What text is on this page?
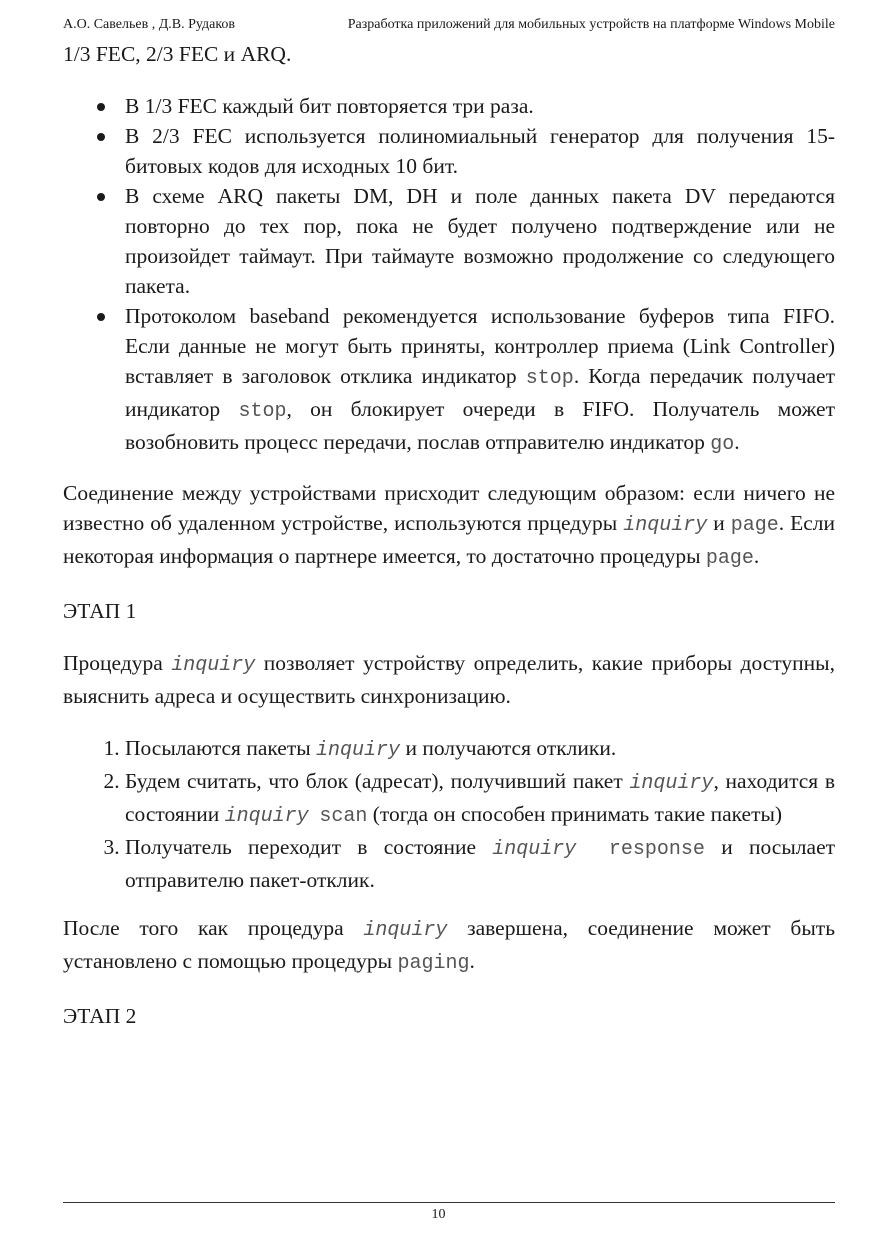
А.О. Савельев , Д.В. Рудаков	Разработка приложений для мобильных устройств на платформе Windows Mobile

1/3 FEC, 2/3 FEC и ARQ.

В 1/3 FEC каждый бит повторяется три раза.
В 2/3 FEC используется полиномиальный генератор для получения 15-битовых кодов для исходных 10 бит.
В схеме ARQ пакеты DM, DH и поле данных пакета DV передаются повторно до тех пор, пока не будет получено подтверждение или не произойдет таймаут. При таймауте возможно продолжение со следующего пакета.
Протоколом baseband рекомендуется использование буферов типа FIFO. Если данные не могут быть приняты, контроллер приема (Link Controller) вставляет в заголовок отклика индикатор stop. Когда передачик получает индикатор stop, он блокирует очереди в FIFO. Получатель может возобновить процесс передачи, послав отправителю индикатор go.

Соединение между устройствами присходит следующим образом: если ничего не известно об удаленном устройстве, используются прцедуры inquiry и page. Если некоторая информация о партнере имеется, то достаточно процедуры page.

ЭТАП 1

Процедура inquiry позволяет устройству определить, какие приборы доступны, выяснить адреса и осуществить синхронизацию.

1. Посылаются пакеты inquiry и получаются отклики.
2. Будем считать, что блок (адресат), получивший пакет inquiry, находится в состоянии inquiry scan (тогда он способен принимать такие пакеты)
3. Получатель переходит в состояние inquiry response и посылает отправителю пакет-отклик.

После того как процедура inquiry завершена, соединение может быть установлено с помощью процедуры paging.

ЭТАП 2

10
